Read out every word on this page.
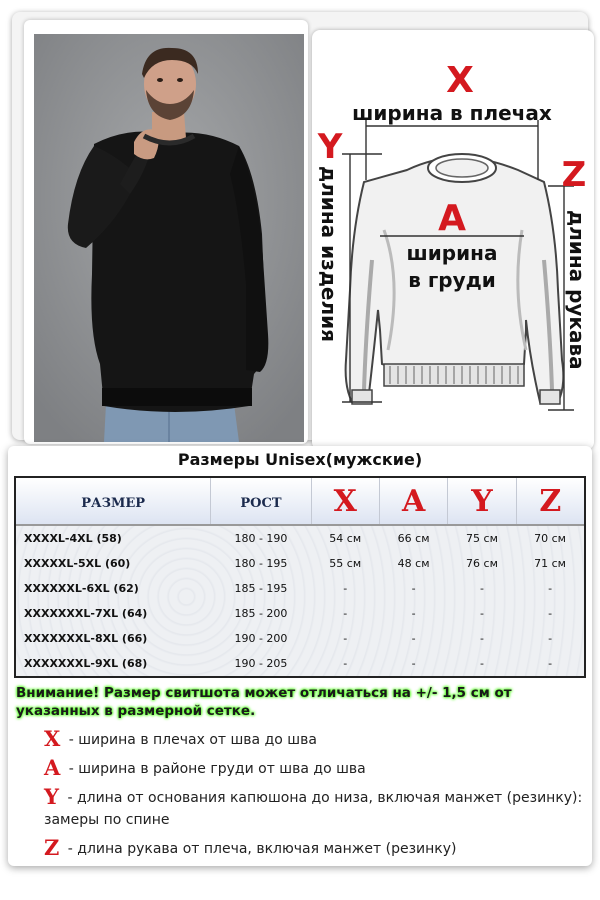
X
ширина в плечах
Y
Z
A
ширина
в груди
длина изделия	длина рукава
Размеры Unisex(мужские)
РАЗМЕР	РОСТ	X	A	Y	Z
XXXXL-4XL (58)	180 - 190	54 см	66 см	75 см	70 см
XXXXXL-5XL (60)	180 - 195	55 см	48 см	76 см	71 см
XXXXXXL-6XL (62)	185 - 195	-	-	-	-
XXXXXXXL-7XL (64)	185 - 200	-	-	-	-
XXXXXXXL-8XL (66)	190 - 200	-	-	-	-
XXXXXXXL-9XL (68)	190 - 205	-	-	-	-
Внимание! Размер свитшота может отличаться на +/- 1,5 см от указанных в размерной сетке.
X - ширина в плечах от шва до шва
A - ширина в районе груди от шва до шва
Y - длина от основания капюшона до низа, включая манжет (резинку): замеры по спине
Z - длина рукава от плеча, включая манжет (резинку)
